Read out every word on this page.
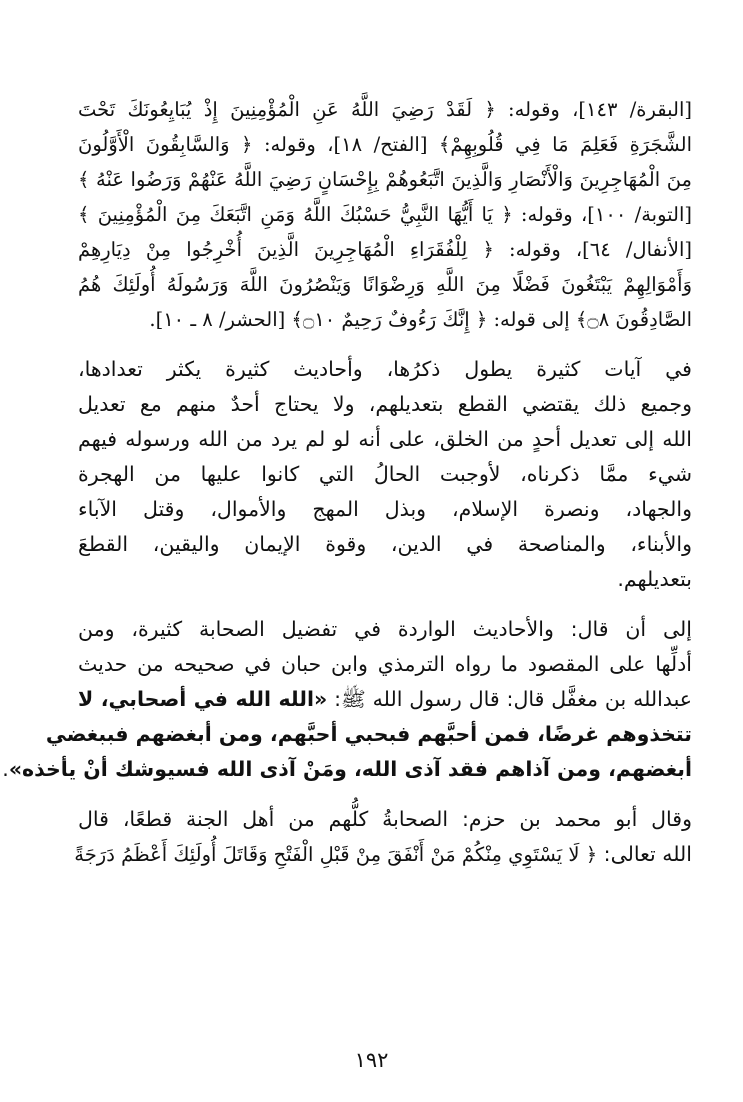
[البقرة/ ١٤٣]، وقوله: ﴿ لَقَدْ رَضِيَ اللَّهُ عَنِ الْمُؤْمِنِينَ إِذْ يُبَايِعُونَكَ تَحْتَ
الشَّجَرَةِ فَعَلِمَ مَا فِي قُلُوبِهِمْ﴾ [الفتح/ ١٨]، وقوله: ﴿ وَالسَّابِقُونَ الْأَوَّلُونَ
مِنَ الْمُهَاجِرِينَ وَالْأَنْصَارِ وَالَّذِينَ اتَّبَعُوهُمْ بِإِحْسَانٍ رَضِيَ اللَّهُ عَنْهُمْ وَرَضُوا عَنْهُ ﴾
[التوبة/ ١٠٠]، وقوله: ﴿ يَا أَيُّهَا النَّبِيُّ حَسْبُكَ اللَّهُ وَمَنِ اتَّبَعَكَ مِنَ الْمُؤْمِنِينَ ﴾
[الأنفال/ ٦٤]، وقوله: ﴿ لِلْفُقَرَاءِ الْمُهَاجِرِينَ الَّذِينَ أُخْرِجُوا مِنْ دِيَارِهِمْ
وَأَمْوَالِهِمْ يَبْتَغُونَ فَضْلًا مِنَ اللَّهِ وَرِضْوَانًا وَيَنْصُرُونَ اللَّهَ وَرَسُولَهُ أُولَئِكَ هُمُ
الصَّادِقُونَ ۝٨﴾ إلى قوله: ﴿ إِنَّكَ رَءُوفٌ رَحِيمٌ ۝١٠﴾ [الحشر/ ٨ ـ ١٠].

في آيات كثيرة يطول ذكرُها، وأحاديث كثيرة يكثر تعدادها،
وجميع ذلك يقتضي القطع بتعديلهم، ولا يحتاج أحدٌ منهم مع تعديل
الله إلى تعديل أحدٍ من الخلق، على أنه لو لم يرد من الله ورسوله فيهم
شيء ممَّا ذكرناه، لأوجبت الحالُ التي كانوا عليها من الهجرة
والجهاد، ونصرة الإسلام، وبذل المهج والأموال، وقتل الآباء
والأبناء، والمناصحة في الدين، وقوة الإيمان واليقين، القطعَ
بتعديلهم.

إلى أن قال: والأحاديث الواردة في تفضيل الصحابة كثيرة، ومن
أدلِّها على المقصود ما رواه الترمذي وابن حبان في صحيحه من حديث
عبدالله بن مغفَّل قال: قال رسول الله ﷺ: «الله الله في أصحابي، لا
تتخذوهم غرضًا، فمن أحبَّهم فبحبي أحبَّهم، ومن أبغضهم فببغضي
أبغضهم، ومن آذاهم فقد آذى الله، ومَنْ آذى الله فسيوشك أنْ يأخذه».

وقال أبو محمد بن حزم: الصحابةُ كلُّهم من أهل الجنة قطعًا، قال
الله تعالى: ﴿ لَا يَسْتَوِي مِنْكُمْ مَنْ أَنْفَقَ مِنْ قَبْلِ الْفَتْحِ وَقَاتَلَ أُولَئِكَ أَعْظَمُ دَرَجَةً

١٩٢
